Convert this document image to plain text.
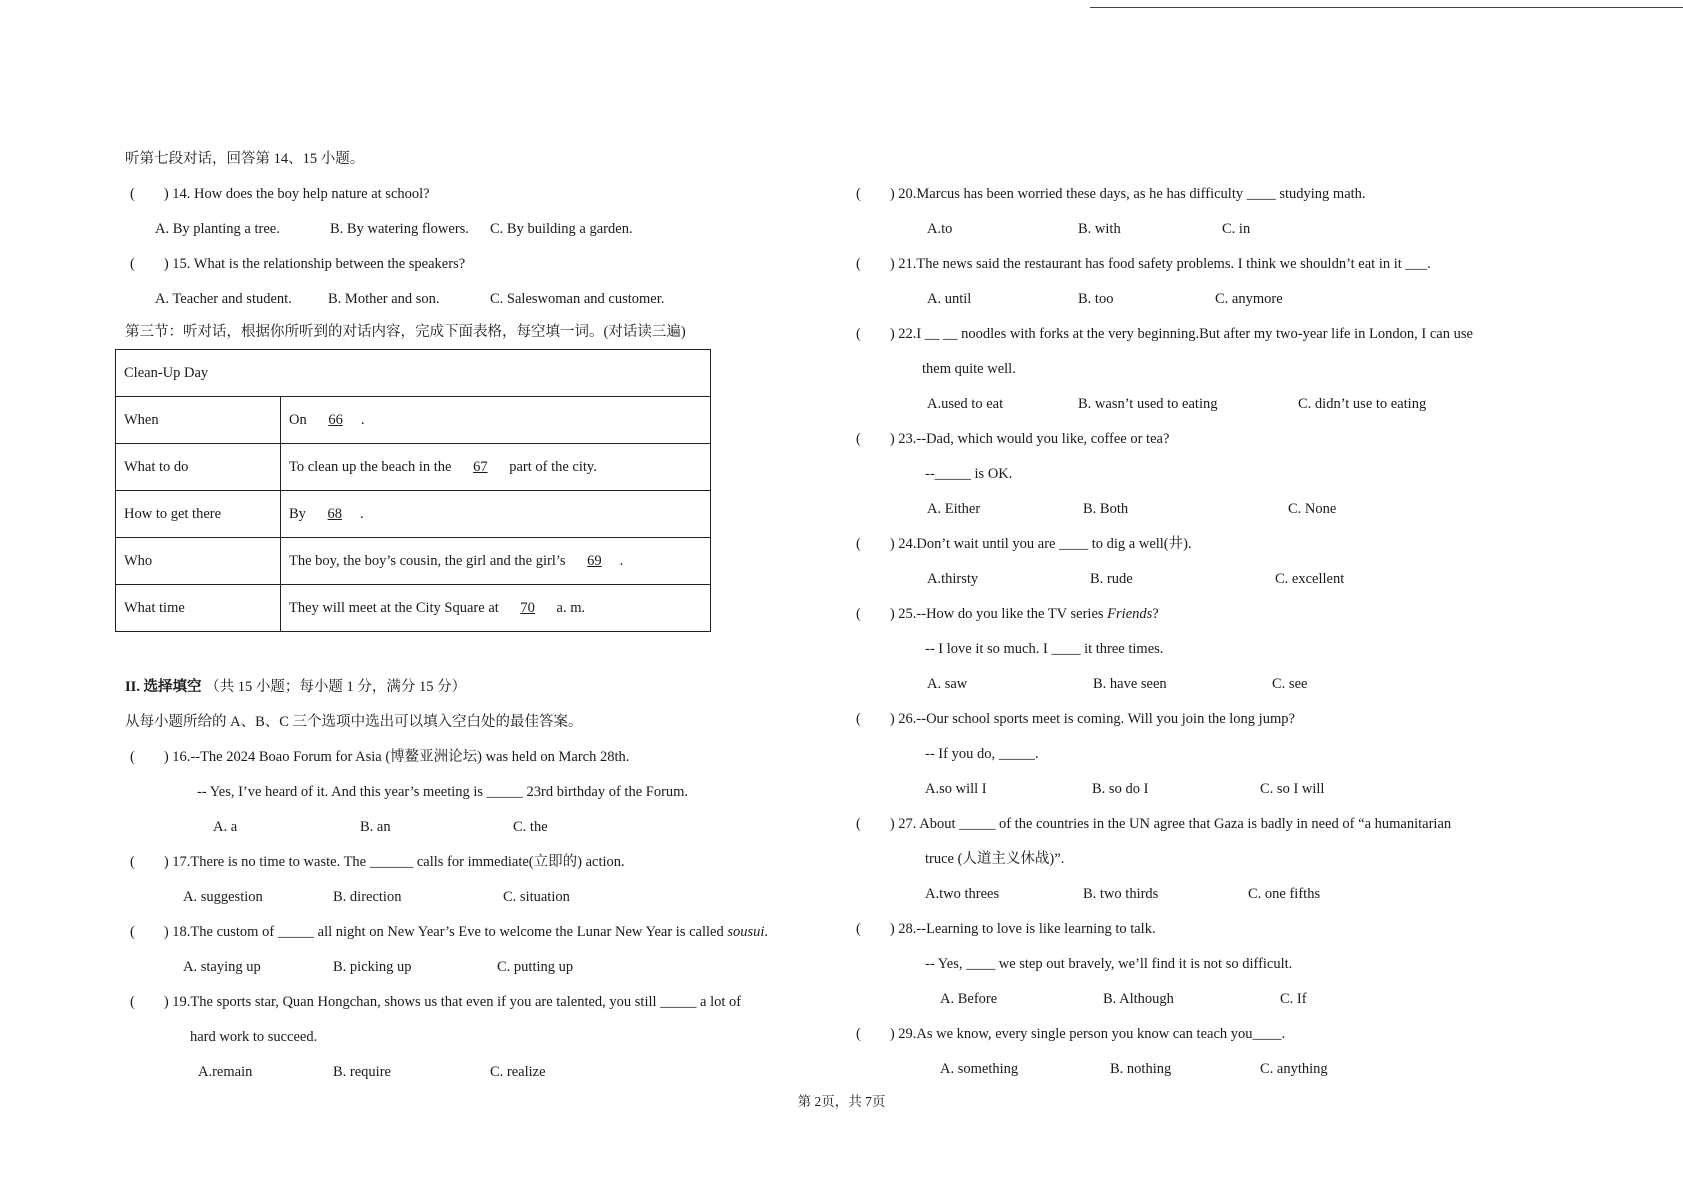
听第七段对话，回答第 14、15 小题。
(　　) 14. How does the boy help nature at school?
A. By planting a tree.	B. By watering flowers. C. By building a garden.
(　　) 15. What is the relationship between the speakers?
A. Teacher and student. B. Mother and son.	C. Saleswoman and customer.
第三节：听对话，根据你所听到的对话内容，完成下面表格，每空填一词。(对话读三遍)
Clean-Up Day	
When	On 66 .
What to do	To clean up the beach in the 67 part of the city.
How to get there	By 68 .
Who	The boy, the boy’s cousin, the girl and the girl’s 69 .
What time	They will meet at the City Square at 70 a. m.
II. 选择填空 （共 15 小题；每小题 1 分，满分 15 分）
从每小题所给的 A、B、C 三个选项中选出可以填入空白处的最佳答案。
(　　) 16.--The 2024 Boao Forum for Asia (博鳌亚洲论坛) was held on March 28th.
-- Yes, I’ve heard of it. And this year’s meeting is _____ 23rd birthday of the Forum.
A. a	B. an	C. the
(　　) 17.There is no time to waste. The ______ calls for immediate(立即的) action.
A. suggestion	B. direction	C. situation
(　　) 18.The custom of _____ all night on New Year’s Eve to welcome the Lunar New Year is called sousui.
A. staying up	B. picking up	C. putting up
(　　) 19.The sports star, Quan Hongchan, shows us that even if you are talented, you still _____ a lot of
hard work to succeed.
A.remain	B. require	C. realize
(　　) 20.Marcus has been worried these days, as he has difficulty ____ studying math.
A.to	B. with	C. in
(　　) 21.The news said the restaurant has food safety problems. I think we shouldn’t eat in it ___.
A. until	B. too	C. anymore
(　　) 22.I __ __ noodles with forks at the very beginning.But after my two-year life in London, I can use
them quite well.
A.used to eat	B. wasn’t used to eating	C. didn’t use to eating
(　　) 23.--Dad, which would you like, coffee or tea?
--_____ is OK.
A. Either	B. Both	C. None
(　　) 24.Don’t wait until you are ____ to dig a well(井).
A.thirsty	B. rude	C. excellent
(　　) 25.--How do you like the TV series Friends?
-- I love it so much. I ____ it three times.
A. saw	B. have seen	C. see
(　　) 26.--Our school sports meet is coming. Will you join the long jump?
-- If you do, _____.
A.so will I	B. so do I	C. so I will
(　　) 27. About _____ of the countries in the UN agree that Gaza is badly in need of “a humanitarian
truce (人道主义休战)”.
A.two threes	B. two thirds	C. one fifths
(　　) 28.--Learning to love is like learning to talk.
-- Yes, ____ we step out bravely, we’ll find it is not so difficult.
A. Before	B. Although	C. If
(　　) 29.As we know, every single person you know can teach you____.
A. something	B. nothing	C. anything
第 2页，共 7页
